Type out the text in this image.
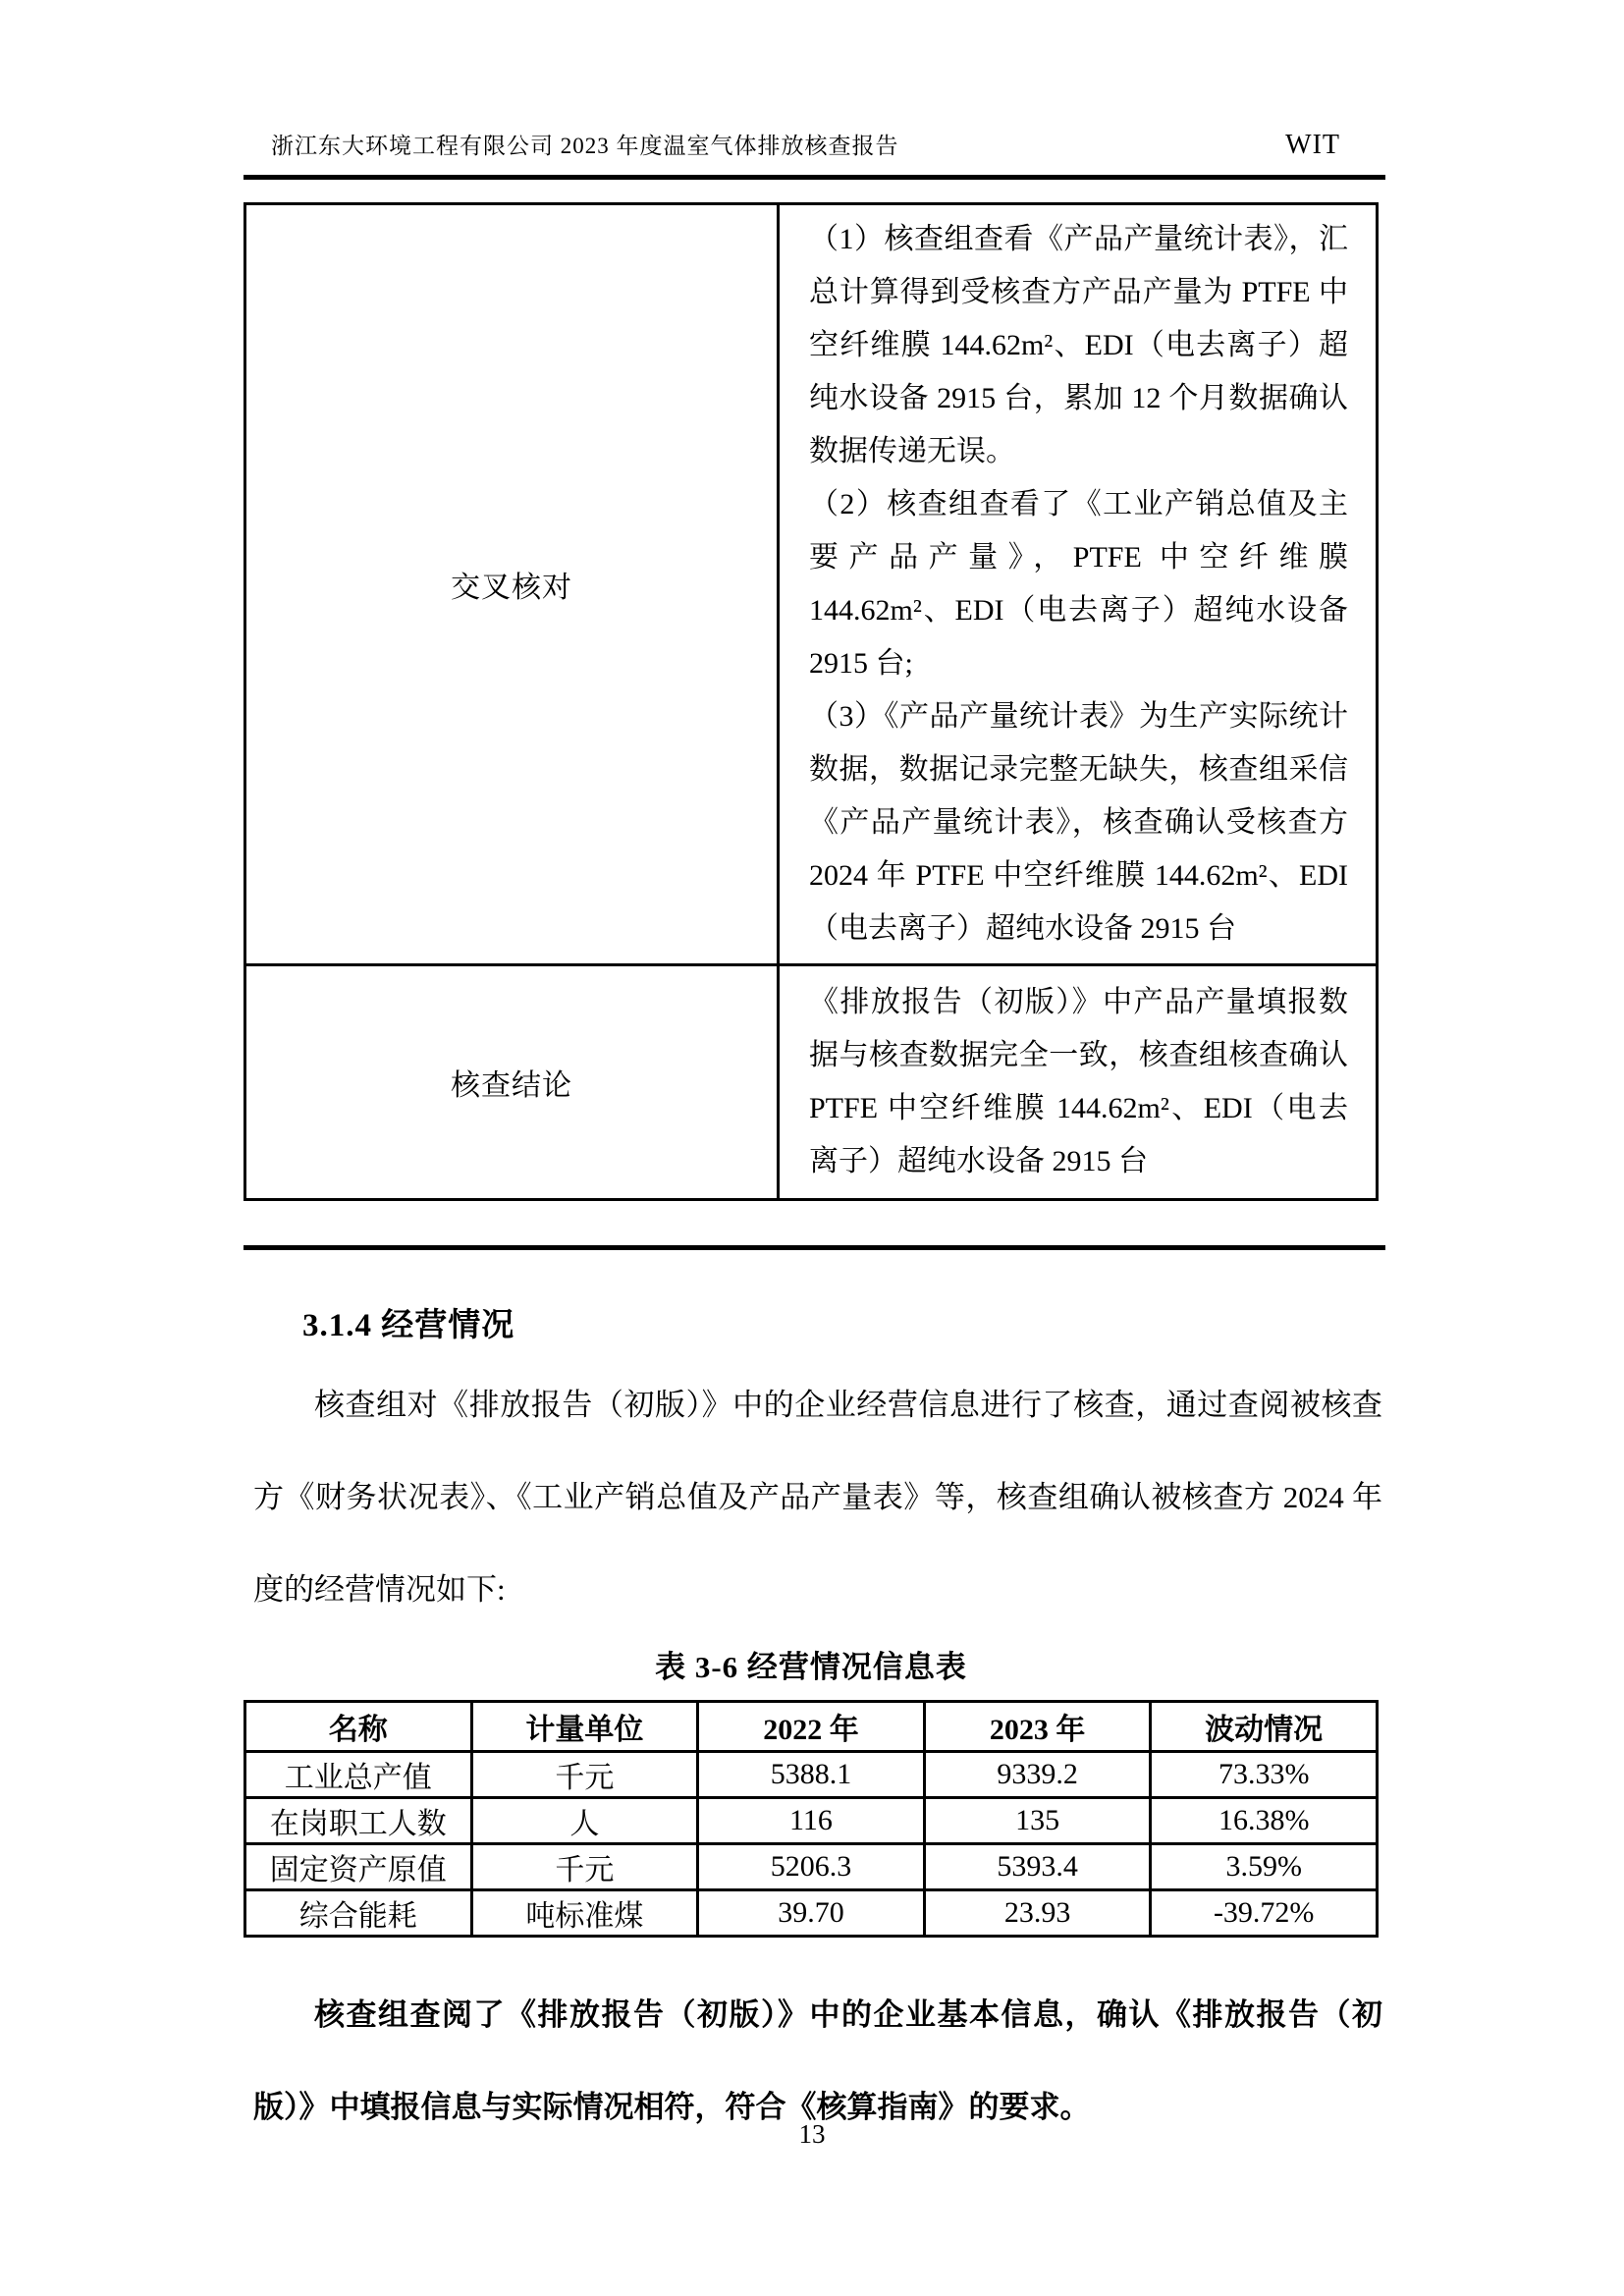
浙江东大环境工程有限公司 2023 年度温室气体排放核查报告	WIT
交叉核对	（1）核查组查看《产品产量统计表》，汇总计算得到受核查方产品产量为 PTFE 中空纤维膜 144.62m²、EDI（电去离子）超纯水设备 2915 台，累加 12 个月数据确认数据传递无误。

（2）核查组查看了《工业产销总值及主要产品产量》，PTFE 中空纤维膜 144.62m²、EDI（电去离子）超纯水设备 2915 台;

（3）《产品产量统计表》为生产实际统计数据，数据记录完整无缺失，核查组采信《产品产量统计表》，核查确认受核查方 2024 年 PTFE 中空纤维膜 144.62m²、EDI（电去离子）超纯水设备 2915 台

核查结论	《排放报告（初版）》中产品产量填报数据与核查数据完全一致，核查组核查确认 PTFE 中空纤维膜 144.62m²、EDI（电去离子）超纯水设备 2915 台

3.1.4 经营情况

核查组对《排放报告（初版）》中的企业经营信息进行了核查，通过查阅被核查方《财务状况表》、《工业产销总值及产品产量表》等，核查组确认被核查方 2024 年度的经营情况如下:

表 3-6 经营情况信息表
名称	计量单位	2022 年	2023 年	波动情况
工业总产值	千元	5388.1	9339.2	73.33%
在岗职工人数	人	116	135	16.38%
固定资产原值	千元	5206.3	5393.4	3.59%
综合能耗	吨标准煤	39.70	23.93	-39.72%

核查组查阅了《排放报告（初版）》中的企业基本信息，确认《排放报告（初版）》中填报信息与实际情况相符，符合《核算指南》的要求。

13
